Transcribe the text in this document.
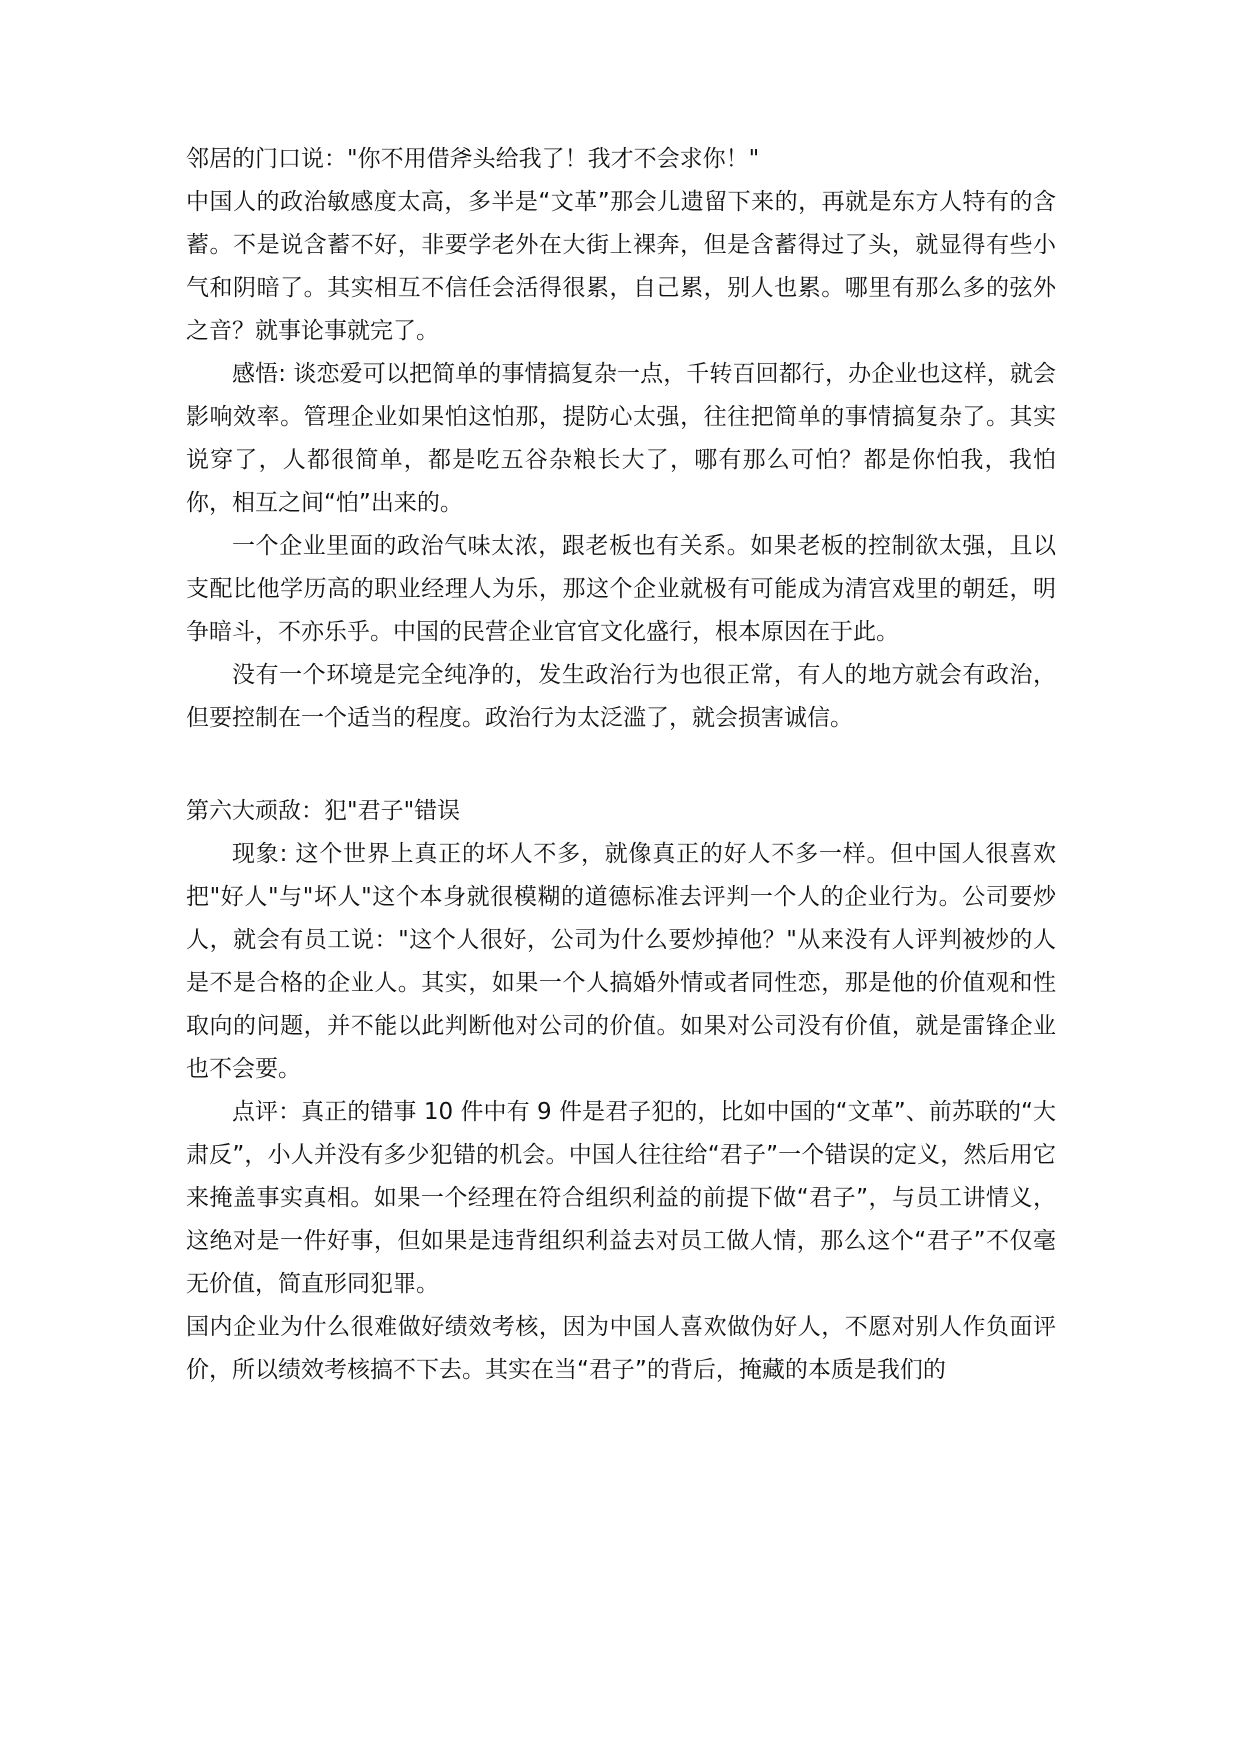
邻居的门口说："你不用借斧头给我了！我才不会求你！"

中国人的政治敏感度太高，多半是“文革”那会儿遗留下来的，再就是东方人特有的含蓄。不是说含蓄不好，非要学老外在大街上裸奔，但是含蓄得过了头，就显得有些小气和阴暗了。其实相互不信任会活得很累，自己累，别人也累。哪里有那么多的弦外之音？就事论事就完了。

感悟: 谈恋爱可以把简单的事情搞复杂一点，千转百回都行，办企业也这样，就会影响效率。管理企业如果怕这怕那，提防心太强，往往把简单的事情搞复杂了。其实说穿了，人都很简单，都是吃五谷杂粮长大了，哪有那么可怕？都是你怕我，我怕你，相互之间“怕”出来的。

一个企业里面的政治气味太浓，跟老板也有关系。如果老板的控制欲太强，且以支配比他学历高的职业经理人为乐，那这个企业就极有可能成为清宫戏里的朝廷，明争暗斗，不亦乐乎。中国的民营企业官官文化盛行，根本原因在于此。

没有一个环境是完全纯净的，发生政治行为也很正常，有人的地方就会有政治，但要控制在一个适当的程度。政治行为太泛滥了，就会损害诚信。

第六大顽敌：犯"君子"错误

现象: 这个世界上真正的坏人不多，就像真正的好人不多一样。但中国人很喜欢把"好人"与"坏人"这个本身就很模糊的道德标准去评判一个人的企业行为。公司要炒人，就会有员工说："这个人很好，公司为什么要炒掉他？"从来没有人评判被炒的人是不是合格的企业人。其实，如果一个人搞婚外情或者同性恋，那是他的价值观和性取向的问题，并不能以此判断他对公司的价值。如果对公司没有价值，就是雷锋企业也不会要。

点评：真正的错事 10 件中有 9 件是君子犯的，比如中国的“文革”、前苏联的“大肃反”，小人并没有多少犯错的机会。中国人往往给“君子”一个错误的定义，然后用它来掩盖事实真相。如果一个经理在符合组织利益的前提下做“君子”，与员工讲情义，这绝对是一件好事，但如果是违背组织利益去对员工做人情，那么这个“君子”不仅毫无价值，简直形同犯罪。

国内企业为什么很难做好绩效考核，因为中国人喜欢做伪好人，不愿对别人作负面评价，所以绩效考核搞不下去。其实在当“君子”的背后，掩藏的本质是我们的
